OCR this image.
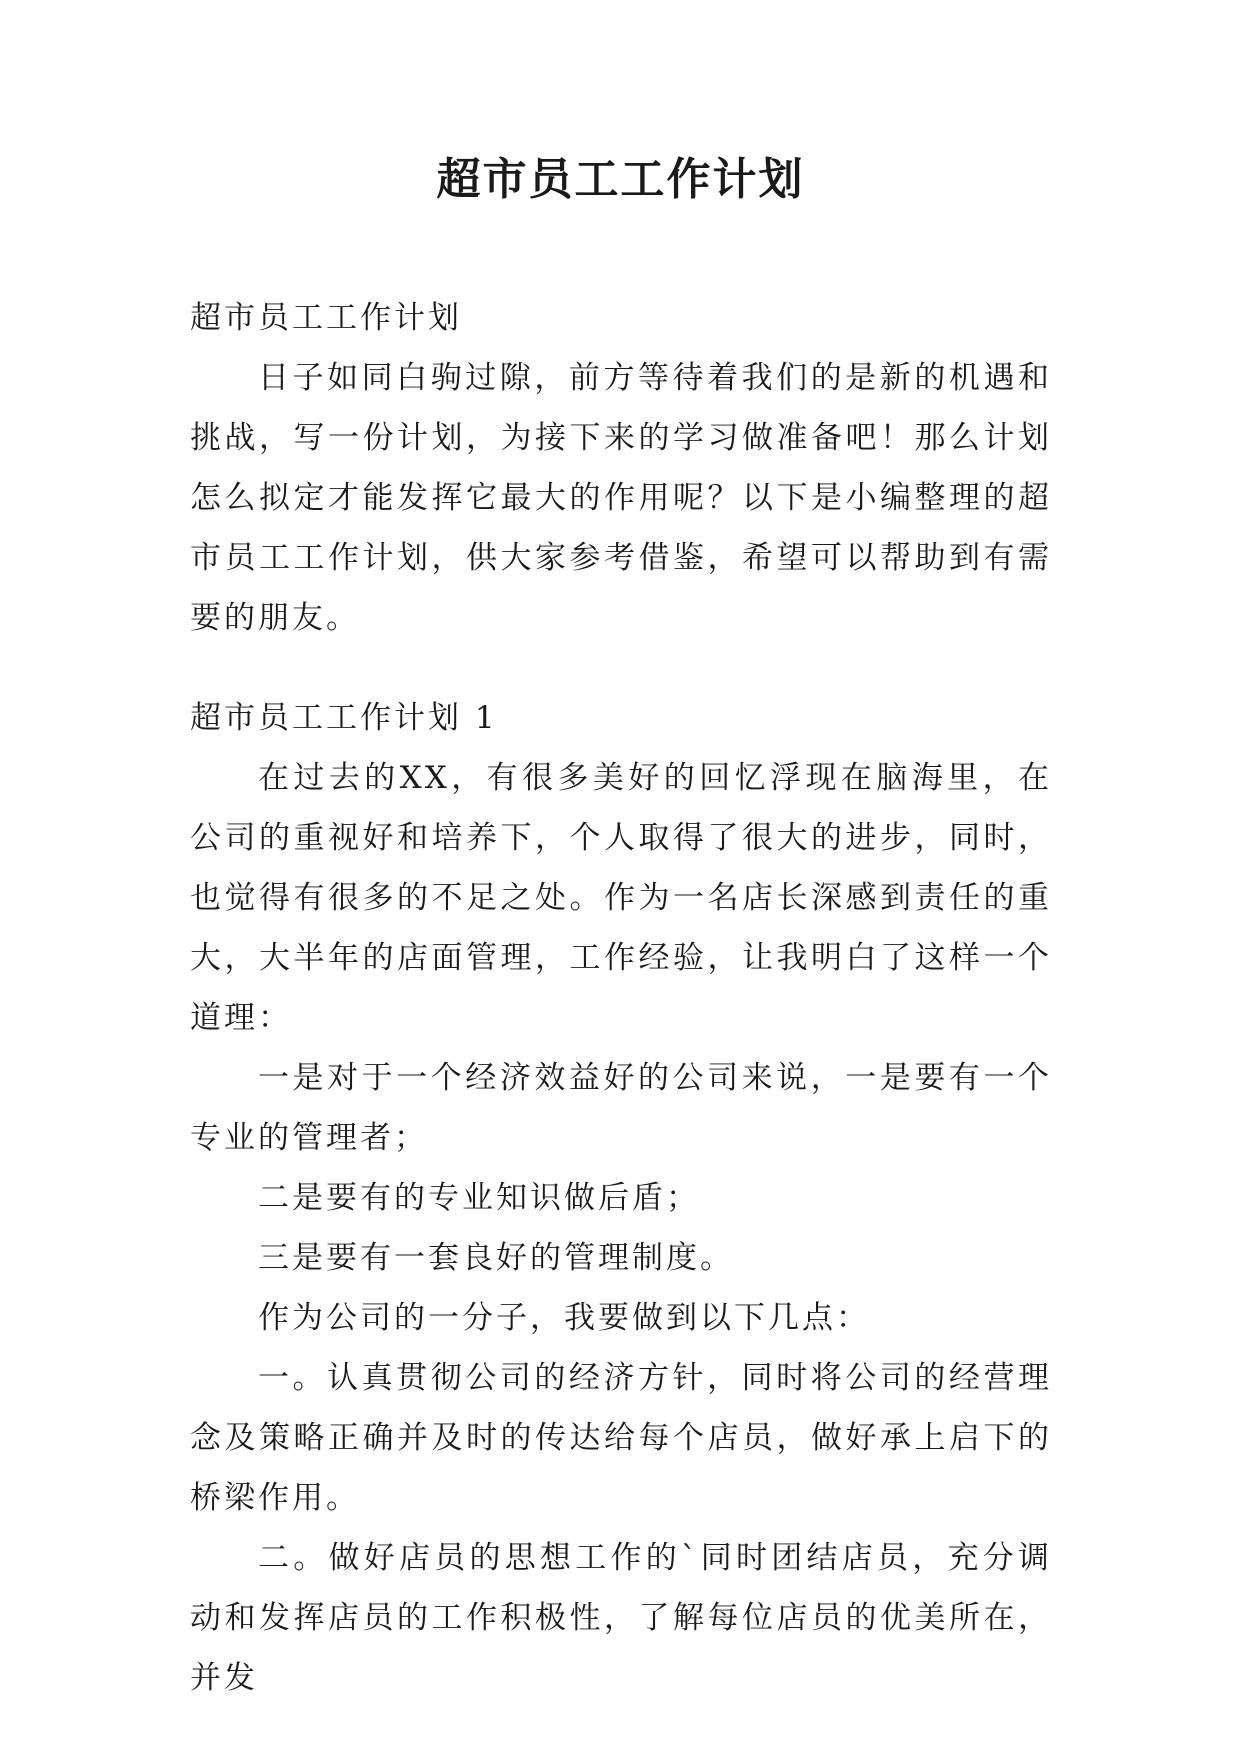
超市员工工作计划

超市员工工作计划

日子如同白驹过隙，前方等待着我们的是新的机遇和挑战，写一份计划，为接下来的学习做准备吧！那么计划怎么拟定才能发挥它最大的作用呢？以下是小编整理的超市员工工作计划，供大家参考借鉴，希望可以帮助到有需要的朋友。

超市员工工作计划 1

在过去的XX，有很多美好的回忆浮现在脑海里，在公司的重视好和培养下，个人取得了很大的进步，同时，也觉得有很多的不足之处。作为一名店长深感到责任的重大，大半年的店面管理，工作经验，让我明白了这样一个道理：

一是对于一个经济效益好的公司来说，一是要有一个专业的管理者；

二是要有的专业知识做后盾；

三是要有一套良好的管理制度。

作为公司的一分子，我要做到以下几点：

一。认真贯彻公司的经济方针，同时将公司的经营理念及策略正确并及时的传达给每个店员，做好承上启下的桥梁作用。

二。做好店员的思想工作的`同时团结店员，充分调动和发挥店员的工作积极性，了解每位店员的优美所在，并发
